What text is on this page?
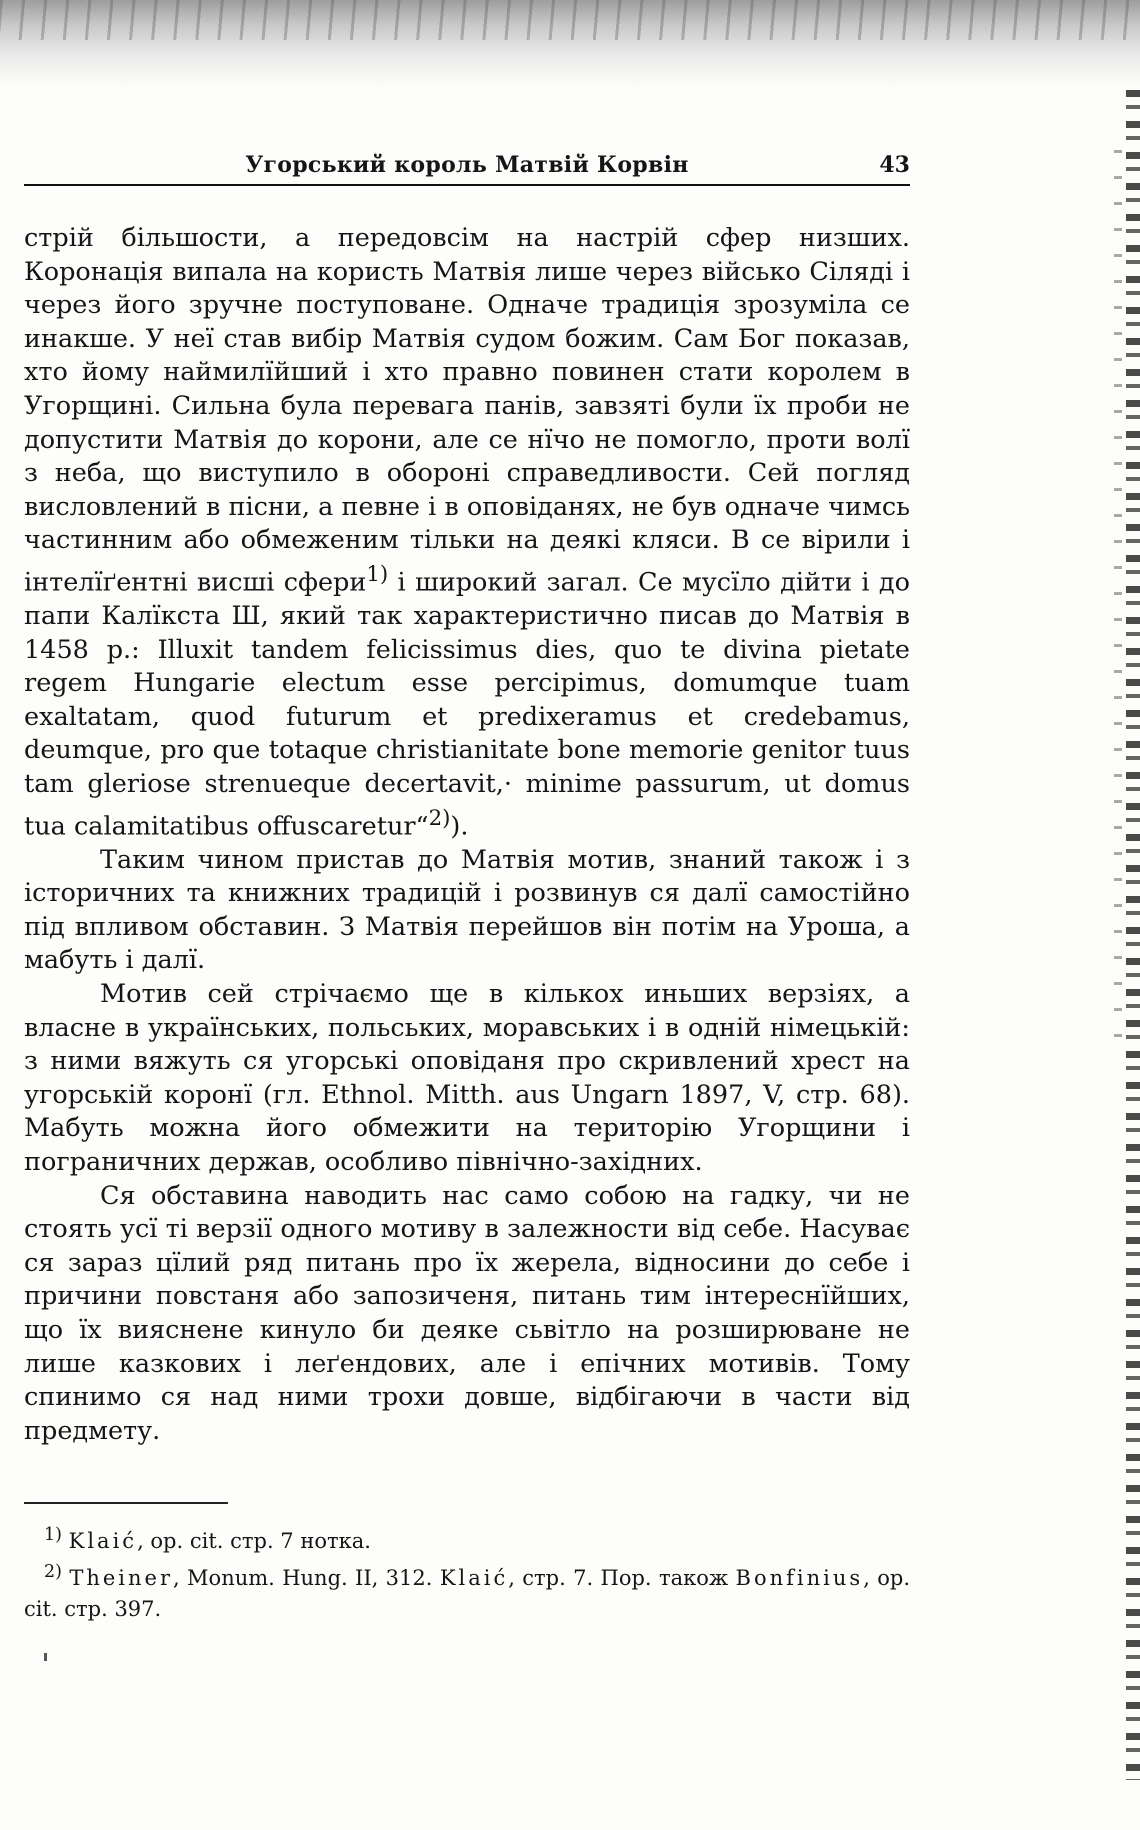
Угорський король Матвій Корвін	43

стрій більшости, а передовсім на настрій сфер низших. Коронація випала на користь Матвія лише через військо Сіляді і через його зручне поступоване. Одначе традиція зрозуміла се инакше. У неї став вибір Матвія судом божим. Сам Бог показав, хто йому наймилїйший і хто правно повинен стати королем в Угорщині. Сильна була перевага панів, завзяті були їх проби не допустити Матвія до корони, але се нїчо не помогло, проти волї з неба, що виступило в обороні справедливости. Сей погляд висловлений в пісни, а певне і в оповіданях, не був одначе чимсь частинним або обмеженим тільки на деякі кляси. В се вірили і інтелїґентні висші сфери$^{1)}$ і широкий загал. Се мусїло дійти і до папи Калїкста Ш, який так характеристично писав до Матвія в 1458 р.: Illuxit tandem felicissimus dies, quo te divina pietate regem Hungarie electum esse percipimus, domumque tuam exaltatam, quod futurum et predixeramus et credebamus, deumque, pro que totaque christianitate bone memorie genitor tuus tam gleriose strenueque decertavit,· minime passurum, ut domus tua calamitatibus offuscaretur“$^{2)}$).

Таким чином пристав до Матвія мотив, знаний також і з історичних та книжних традицій і розвинув ся далї самостійно під впливом обставин. З Матвія перейшов він потім на Уроша, а мабуть і далї.

Мотив сей стрічаємо ще в кількох иньших верзіях, а власне в українських, польських, моравських і в одній німецькій: з ними вяжуть ся угорські оповіданя про скривлений хрест на угорській коронї (гл. Ethnol. Mitth. aus Ungarn 1897, V, стр. 68). Мабуть можна його обмежити на територію Угорщини і пограничних держав, особливо північно-західних.

Ся обставина наводить нас само собою на гадку, чи не стоять усї ті верзії одного мотиву в залежности від себе. Насуває ся зараз цїлий ряд питань про їх жерела, відносини до себе і причини повстаня або запозиченя, питань тим інтереснїйших, що їх вияснене кинуло би деяке сьвітло на розширюване не лише казкових і леґендових, але і епічних мотивів. Тому спинимо ся над ними трохи довше, відбігаючи в части від предмету.

$^{1)}$ Klaić, op. cit. стр. 7 нотка.

$^{2)}$ Theiner, Monum. Hung. II, 312. Klaić, стр. 7. Пор. також Bonfinius, op. cit. стр. 397.
